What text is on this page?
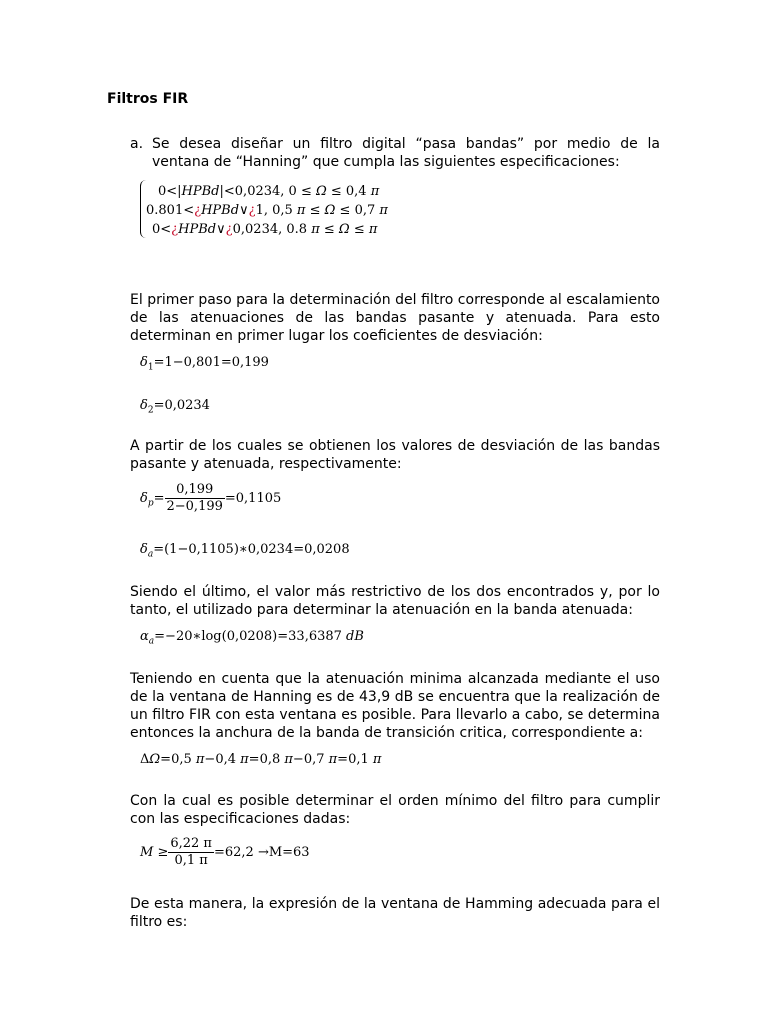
Filtros FIR
a. Se desea diseñar un filtro digital “pasa bandas” por medio de la ventana de “Hanning” que cumpla las siguientes especificaciones:
0<|HPBd|<0,0234, 0 ≤ Ω ≤ 0,4 π
0.801<¿HPBd∨¿1, 0,5 π ≤ Ω ≤ 0,7 π
0<¿HPBd∨¿0,0234, 0.8 π ≤ Ω ≤ π
El primer paso para la determinación del filtro corresponde al escalamiento de las atenuaciones de las bandas pasante y atenuada. Para esto determinan en primer lugar los coeficientes de desviación:
$\delta_1=1-0,801=0,199$
$\delta_2=0,0234$
A partir de los cuales se obtienen los valores de desviación de las bandas pasante y atenuada, respectivamente:
$\delta_p= \frac{0,199}{2-0,199} =0,1105$
$\delta_a=(1-0,1105)∗0,0234=0,0208$
Siendo el último, el valor más restrictivo de los dos encontrados y, por lo tanto, el utilizado para determinar la atenuación en la banda atenuada:
$\alpha_a=-20∗\log(0,0208)=33,6387$ dB
Teniendo en cuenta que la atenuación minima alcanzada mediante el uso de la ventana de Hanning es de 43,9 dB se encuentra que la realización de un filtro FIR con esta ventana es posible. Para llevarlo a cabo, se determina entonces la anchura de la banda de transición critica, correspondiente a:
ΔΩ=0,5 π−0,4 π=0,8 π−0,7 π=0,1 π
Con la cual es posible determinar el orden mínimo del filtro para cumplir con las especificaciones dadas:
$M \ge \frac{6,22 \pi}{0,1 \pi} =62,2 \to M=63$
De esta manera, la expresión de la ventana de Hamming adecuada para el filtro es:
